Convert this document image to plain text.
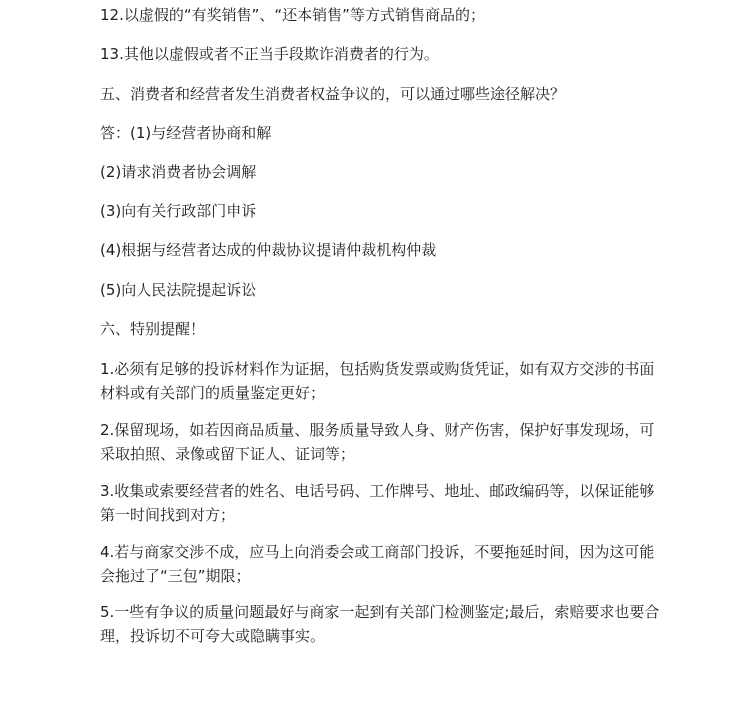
12.以虚假的“有奖销售”、“还本销售”等方式销售商品的；
13.其他以虚假或者不正当手段欺诈消费者的行为。
五、消费者和经营者发生消费者权益争议的，可以通过哪些途径解决？
答：(1)与经营者协商和解
(2)请求消费者协会调解
(3)向有关行政部门申诉
(4)根据与经营者达成的仲裁协议提请仲裁机构仲裁
(5)向人民法院提起诉讼
六、特别提醒！
1.必须有足够的投诉材料作为证据，包括购货发票或购货凭证，如有双方交涉的书面材料或有关部门的质量鉴定更好；
2.保留现场，如若因商品质量、服务质量导致人身、财产伤害，保护好事发现场，可采取拍照、录像或留下证人、证词等；
3.收集或索要经营者的姓名、电话号码、工作牌号、地址、邮政编码等，以保证能够第一时间找到对方；
4.若与商家交涉不成，应马上向消委会或工商部门投诉，不要拖延时间，因为这可能会拖过了“三包”期限；
5.一些有争议的质量问题最好与商家一起到有关部门检测鉴定;最后，索赔要求也要合理，投诉切不可夸大或隐瞒事实。
